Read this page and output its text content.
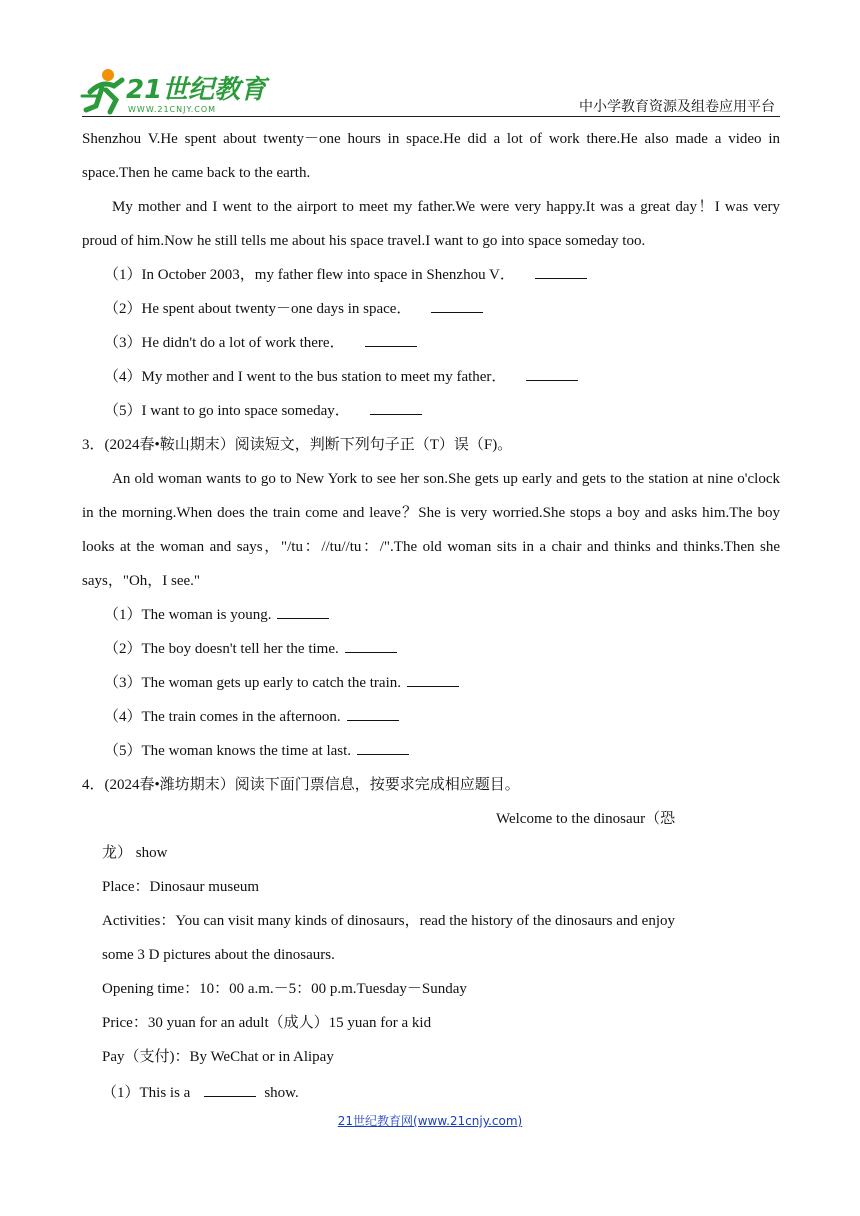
21世纪教育
WWW.21CNJY.COM	中小学教育资源及组卷应用平台

Shenzhou V.He spent about twenty－one hours in space.He did a lot of work there.He also made a video in space.Then he came back to the earth.

My mother and I went to the airport to meet my father.We were very happy.It was a great day！I was very proud of him.Now he still tells me about his space travel.I want to go into space someday too.

（1）In October 2003，my father flew into space in Shenzhou V．

（2）He spent about twenty－one days in space．

（3）He didn't do a lot of work there．

（4）My mother and I went to the bus station to meet my father．

（5）I want to go into space someday．

3．(2024春•鞍山期末）阅读短文，判断下列句子正（T）误（F)。

An old woman wants to go to New York to see her son.She gets up early and gets to the station at nine o'clock in the morning.When does the train come and leave？She is very worried.She stops a boy and asks him.The boy looks at the woman and says，"/tu：//tu//tu：/".The old woman sits in a chair and thinks and thinks.Then she says，"Oh，I see."

（1）The woman is young.

（2）The boy doesn't tell her the time.

（3）The woman gets up early to catch the train.

（4）The train comes in the afternoon.

（5）The woman knows the time at last.

4．(2024春•潍坊期末）阅读下面门票信息，按要求完成相应题目。

Welcome to the dinosaur（恐

龙） show

Place：Dinosaur museum

Activities：You can visit many kinds of dinosaurs，read the history of the dinosaurs and enjoy

some 3 D pictures about the dinosaurs.

Opening time：10：00 a.m.－5：00 p.m.Tuesday－Sunday

Price：30 yuan for an adult（成人）15 yuan for a kid

Pay（支付)：By WeChat or in Alipay

（1）This is a	show.

21世纪教育网(www.21cnjy.com)
